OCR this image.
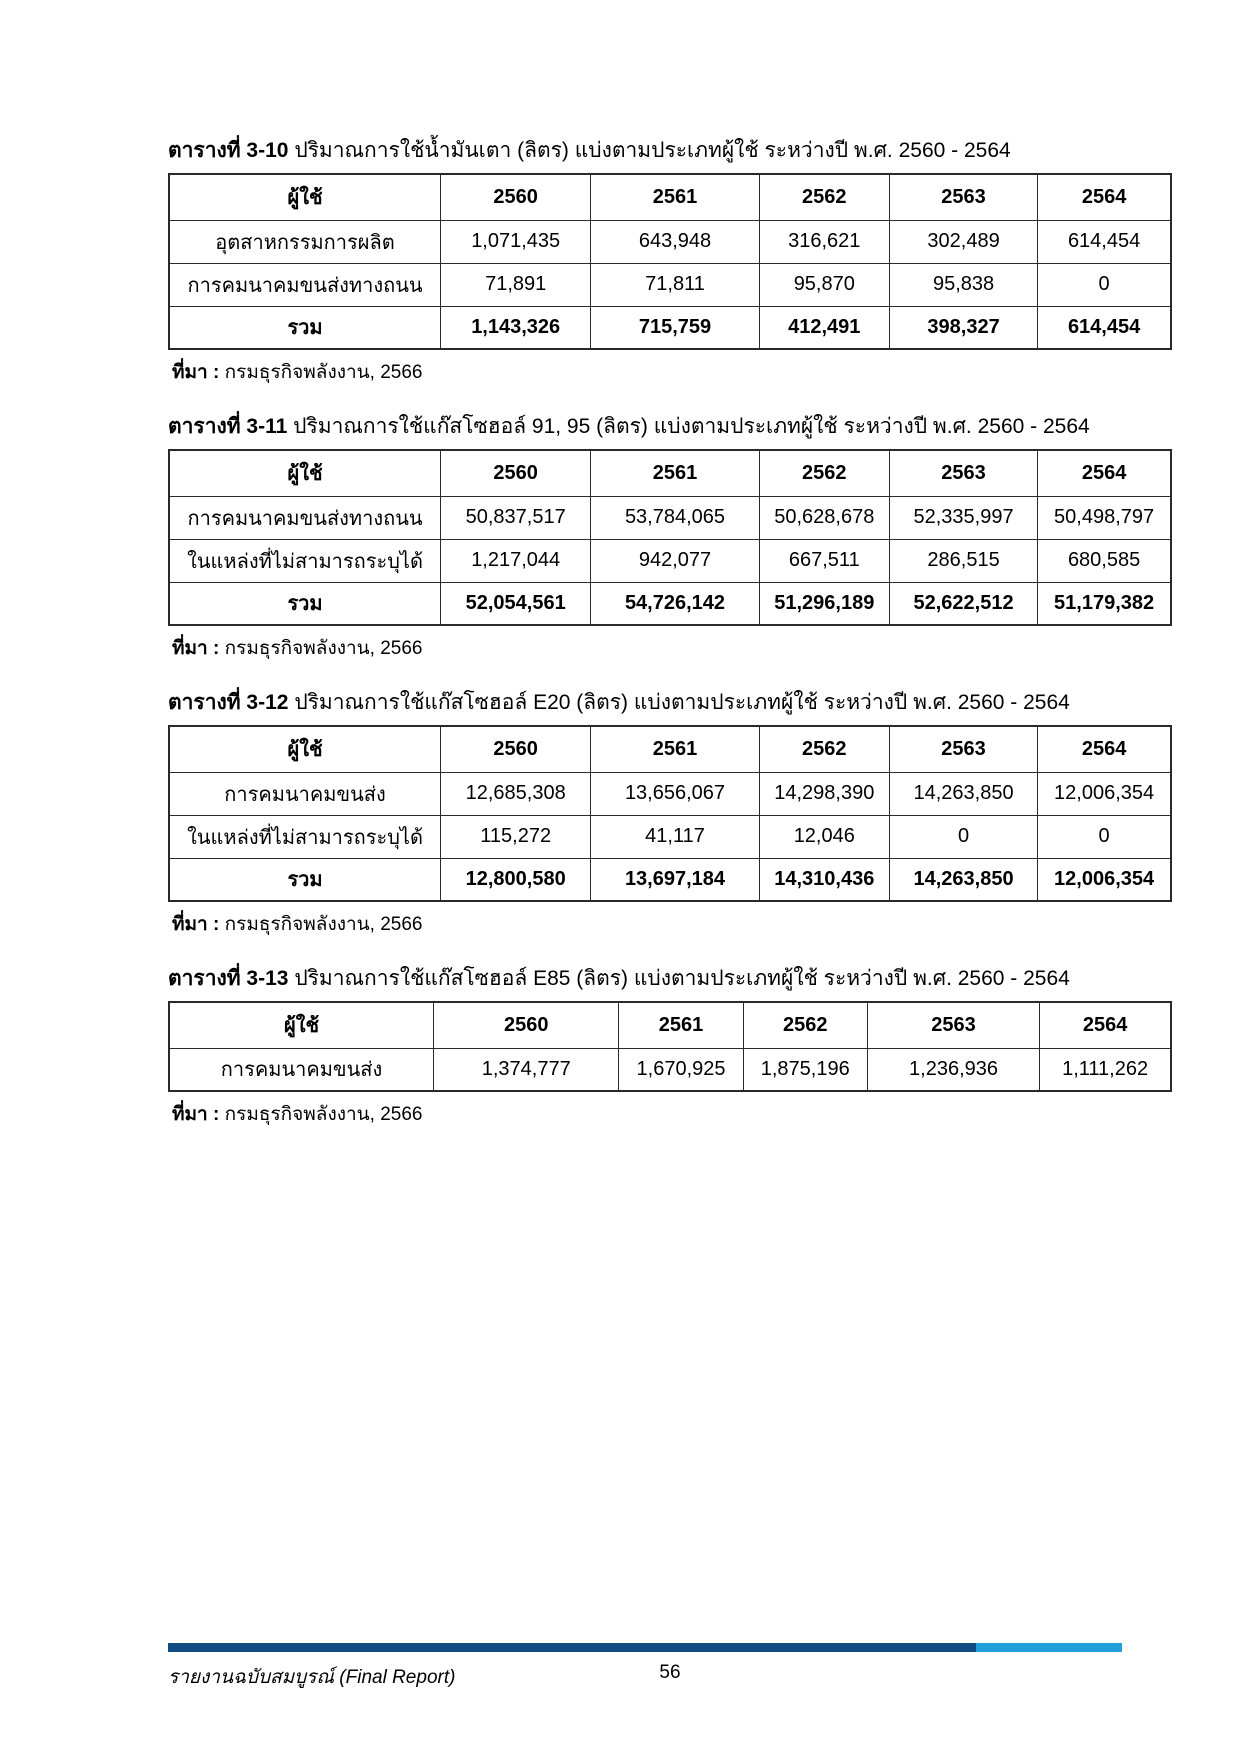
ตารางที่ 3-10 ปริมาณการใช้น้ำมันเตา (ลิตร) แบ่งตามประเภทผู้ใช้ ระหว่างปี พ.ศ. 2560 - 2564

ผู้ใช้	2560	2561	2562	2563	2564
อุตสาหกรรมการผลิต	1,071,435	643,948	316,621	302,489	614,454
การคมนาคมขนส่งทางถนน	71,891	71,811	95,870	95,838	0
รวม	1,143,326	715,759	412,491	398,327	614,454

ที่มา : กรมธุรกิจพลังงาน, 2566

ตารางที่ 3-11 ปริมาณการใช้แก๊สโซฮอล์ 91, 95 (ลิตร) แบ่งตามประเภทผู้ใช้ ระหว่างปี พ.ศ. 2560 - 2564

ผู้ใช้	2560	2561	2562	2563	2564
การคมนาคมขนส่งทางถนน	50,837,517	53,784,065	50,628,678	52,335,997	50,498,797
ในแหล่งที่ไม่สามารถระบุได้	1,217,044	942,077	667,511	286,515	680,585
รวม	52,054,561	54,726,142	51,296,189	52,622,512	51,179,382

ที่มา : กรมธุรกิจพลังงาน, 2566

ตารางที่ 3-12 ปริมาณการใช้แก๊สโซฮอล์ E20 (ลิตร) แบ่งตามประเภทผู้ใช้ ระหว่างปี พ.ศ. 2560 - 2564

ผู้ใช้	2560	2561	2562	2563	2564
การคมนาคมขนส่ง	12,685,308	13,656,067	14,298,390	14,263,850	12,006,354
ในแหล่งที่ไม่สามารถระบุได้	115,272	41,117	12,046	0	0
รวม	12,800,580	13,697,184	14,310,436	14,263,850	12,006,354

ที่มา : กรมธุรกิจพลังงาน, 2566

ตารางที่ 3-13 ปริมาณการใช้แก๊สโซฮอล์ E85 (ลิตร) แบ่งตามประเภทผู้ใช้ ระหว่างปี พ.ศ. 2560 - 2564

ผู้ใช้	2560	2561	2562	2563	2564
การคมนาคมขนส่ง	1,374,777	1,670,925	1,875,196	1,236,936	1,111,262

ที่มา : กรมธุรกิจพลังงาน, 2566

รายงานฉบับสมบูรณ์ (Final Report)	56
